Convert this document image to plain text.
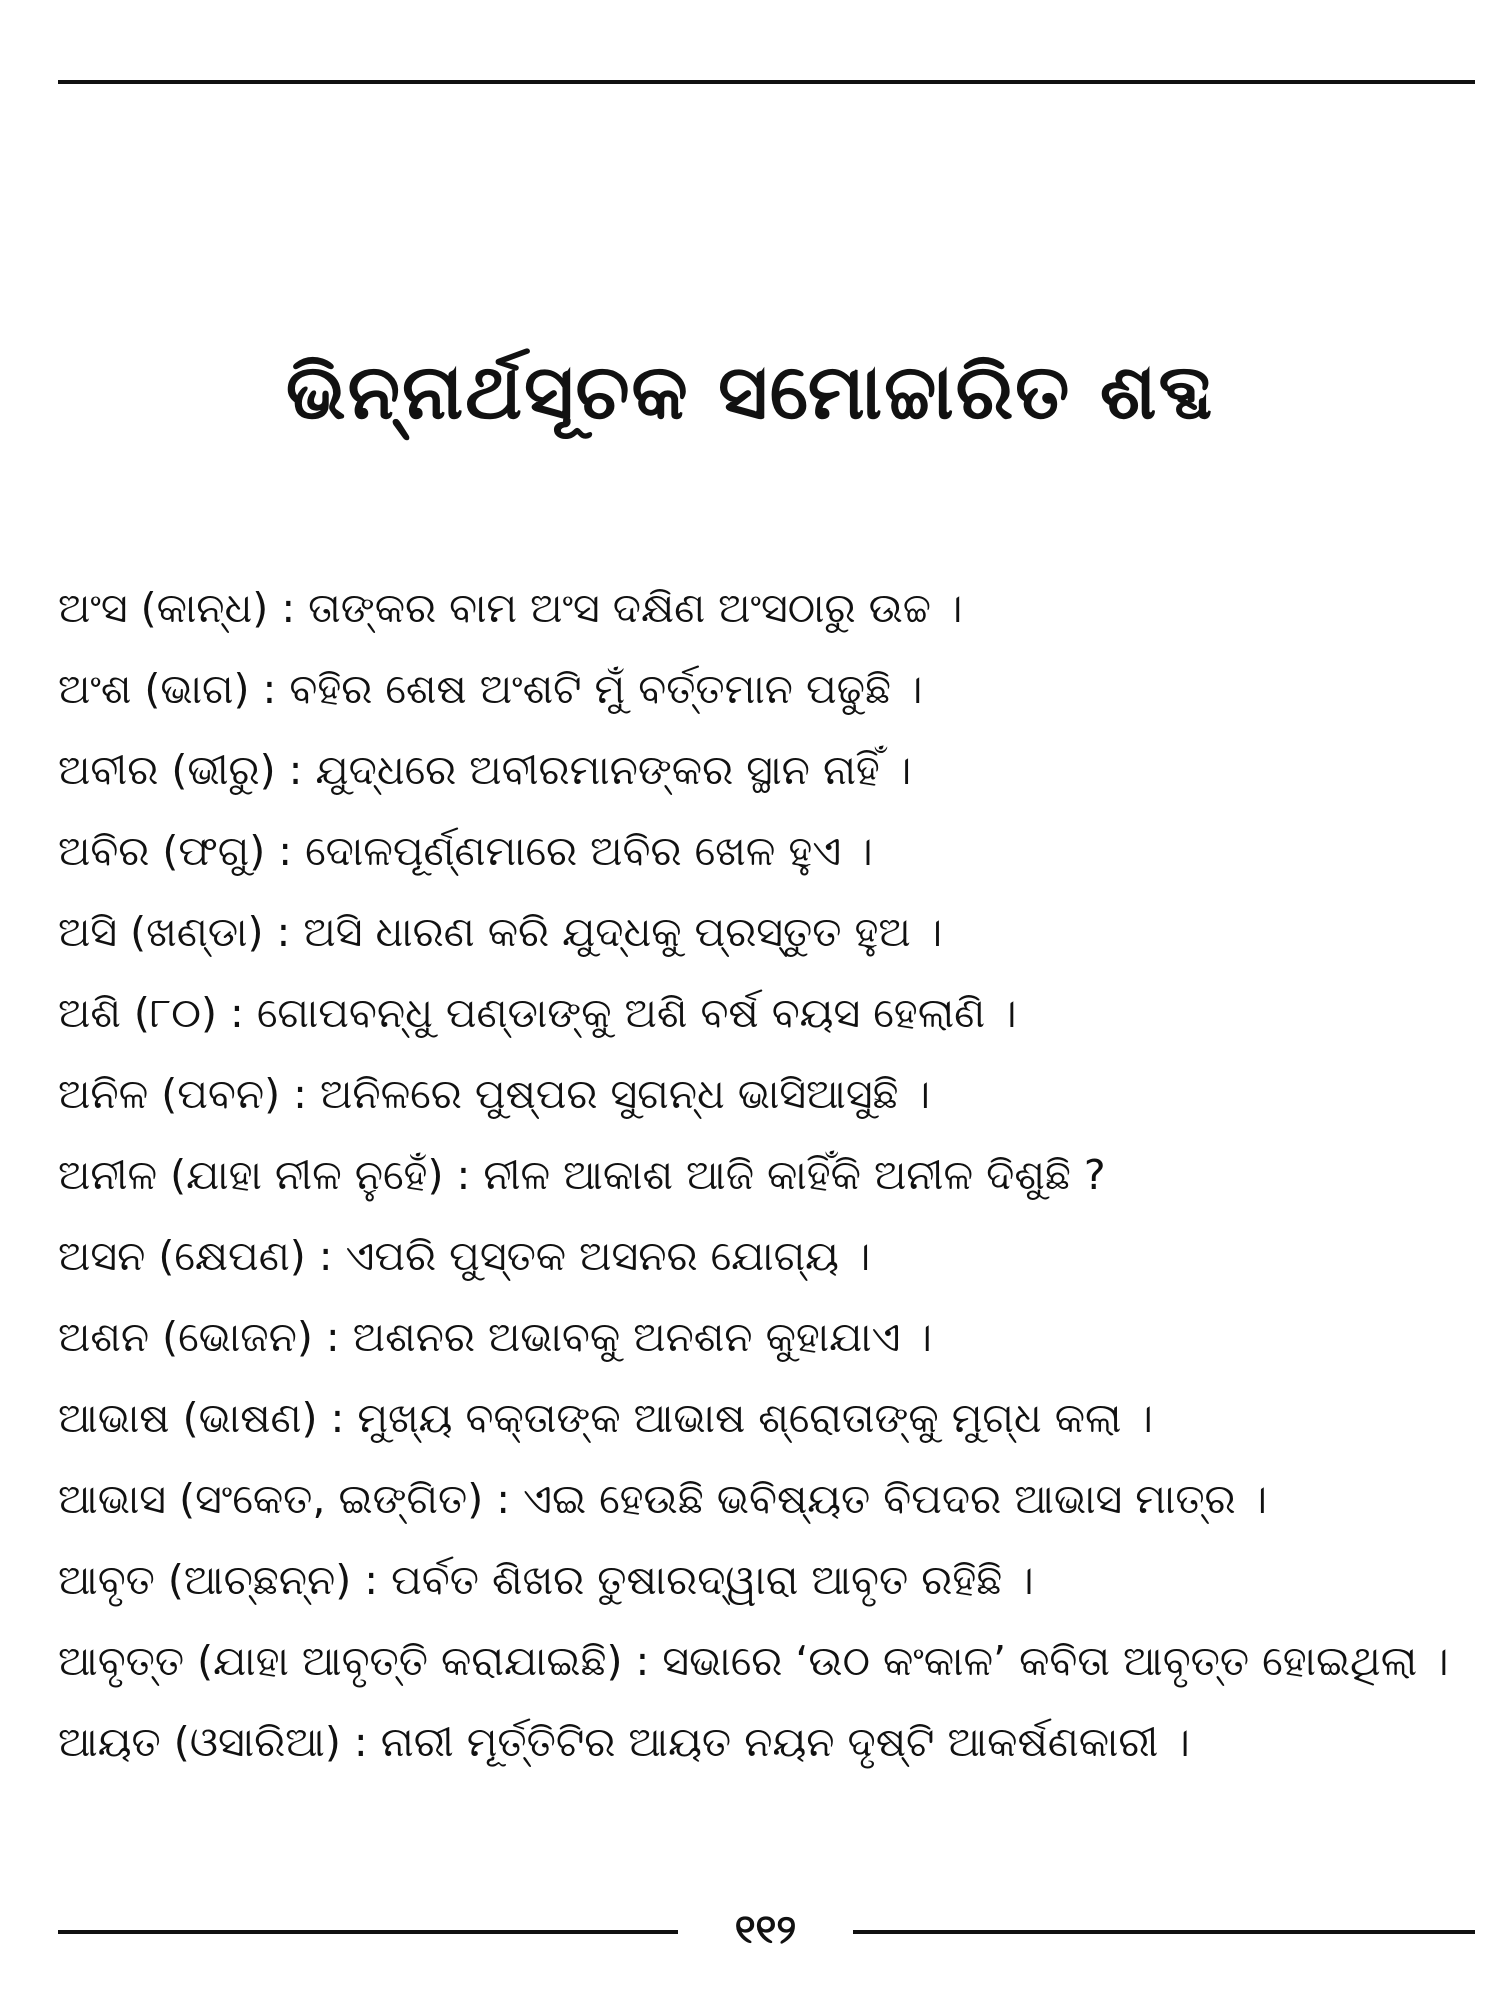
ଭିନ୍ନାର୍ଥସୂଚକ ସମୋଚ୍ଚାରିତ ଶବ୍ଦ
ଅଂସ (କାନ୍ଧ) : ତାଙ୍କର ବାମ ଅଂସ ଦକ୍ଷିଣ ଅଂସଠାରୁ ଉଚ୍ଚ ।
ଅଂଶ (ଭାଗ) : ବହିର ଶେଷ ଅଂଶଟି ମୁଁ ବର୍ତ୍ତମାନ ପଢୁଛି ।
ଅବୀର (ଭୀରୁ) : ଯୁଦ୍ଧରେ ଅବୀରମାନଙ୍କର ସ୍ଥାନ ନାହିଁ ।
ଅବିର (ଫଗୁ) : ଦୋଳପୂର୍ଣ୍ଣମାରେ ଅବିର ଖେଳ ହୁଏ ।
ଅସି (ଖଣ୍ଡା) : ଅସି ଧାରଣ କରି ଯୁଦ୍ଧକୁ ପ୍ରସ୍ତୁତ ହୁଅ ।
ଅଶି (୮୦) : ଗୋପବନ୍ଧୁ ପଣ୍ଡାଙ୍କୁ ଅଶି ବର୍ଷ ବୟସ ହେଲାଣି ।
ଅନିଳ (ପବନ) : ଅନିଳରେ ପୁଷ୍ପର ସୁଗନ୍ଧ ଭାସିଆସୁଛି ।
ଅନୀଳ (ଯାହା ନୀଳ ନୁହେଁ) : ନୀଳ ଆକାଶ ଆଜି କାହିଁକି ଅନୀଳ ଦିଶୁଛି ?
ଅସନ (କ୍ଷେପଣ) : ଏପରି ପୁସ୍ତକ ଅସନର ଯୋଗ୍ୟ ।
ଅଶନ (ଭୋଜନ) : ଅଶନର ଅଭାବକୁ ଅନଶନ କୁହାଯାଏ ।
ଆଭାଷ (ଭାଷଣ) : ମୁଖ୍ୟ ବକ୍ତାଙ୍କ ଆଭାଷ ଶ୍ରୋତାଙ୍କୁ ମୁଗ୍ଧ କଲା ।
ଆଭାସ (ସଂକେତ, ଇଙ୍ଗିତ) : ଏଇ ହେଉଛି ଭବିଷ୍ୟତ ବିପଦର ଆଭାସ ମାତ୍ର ।
ଆବୃତ (ଆଚ୍ଛନ୍ନ) : ପର୍ବତ ଶିଖର ତୁଷାରଦ୍ୱାରା ଆବୃତ ରହିଛି ।
ଆବୃତ୍ତ (ଯାହା ଆବୃତ୍ତି କରାଯାଇଛି) : ସଭାରେ ‘ଉଠ କଂକାଳ’ କବିତା ଆବୃତ୍ତ ହୋଇଥିଲା ।
ଆୟତ (ଓସାରିଆ) : ନାରୀ ମୂର୍ତ୍ତିଟିର ଆୟତ ନୟନ ଦୃଷ୍ଟି ଆକର୍ଷଣକାରୀ ।
୧୧୨
